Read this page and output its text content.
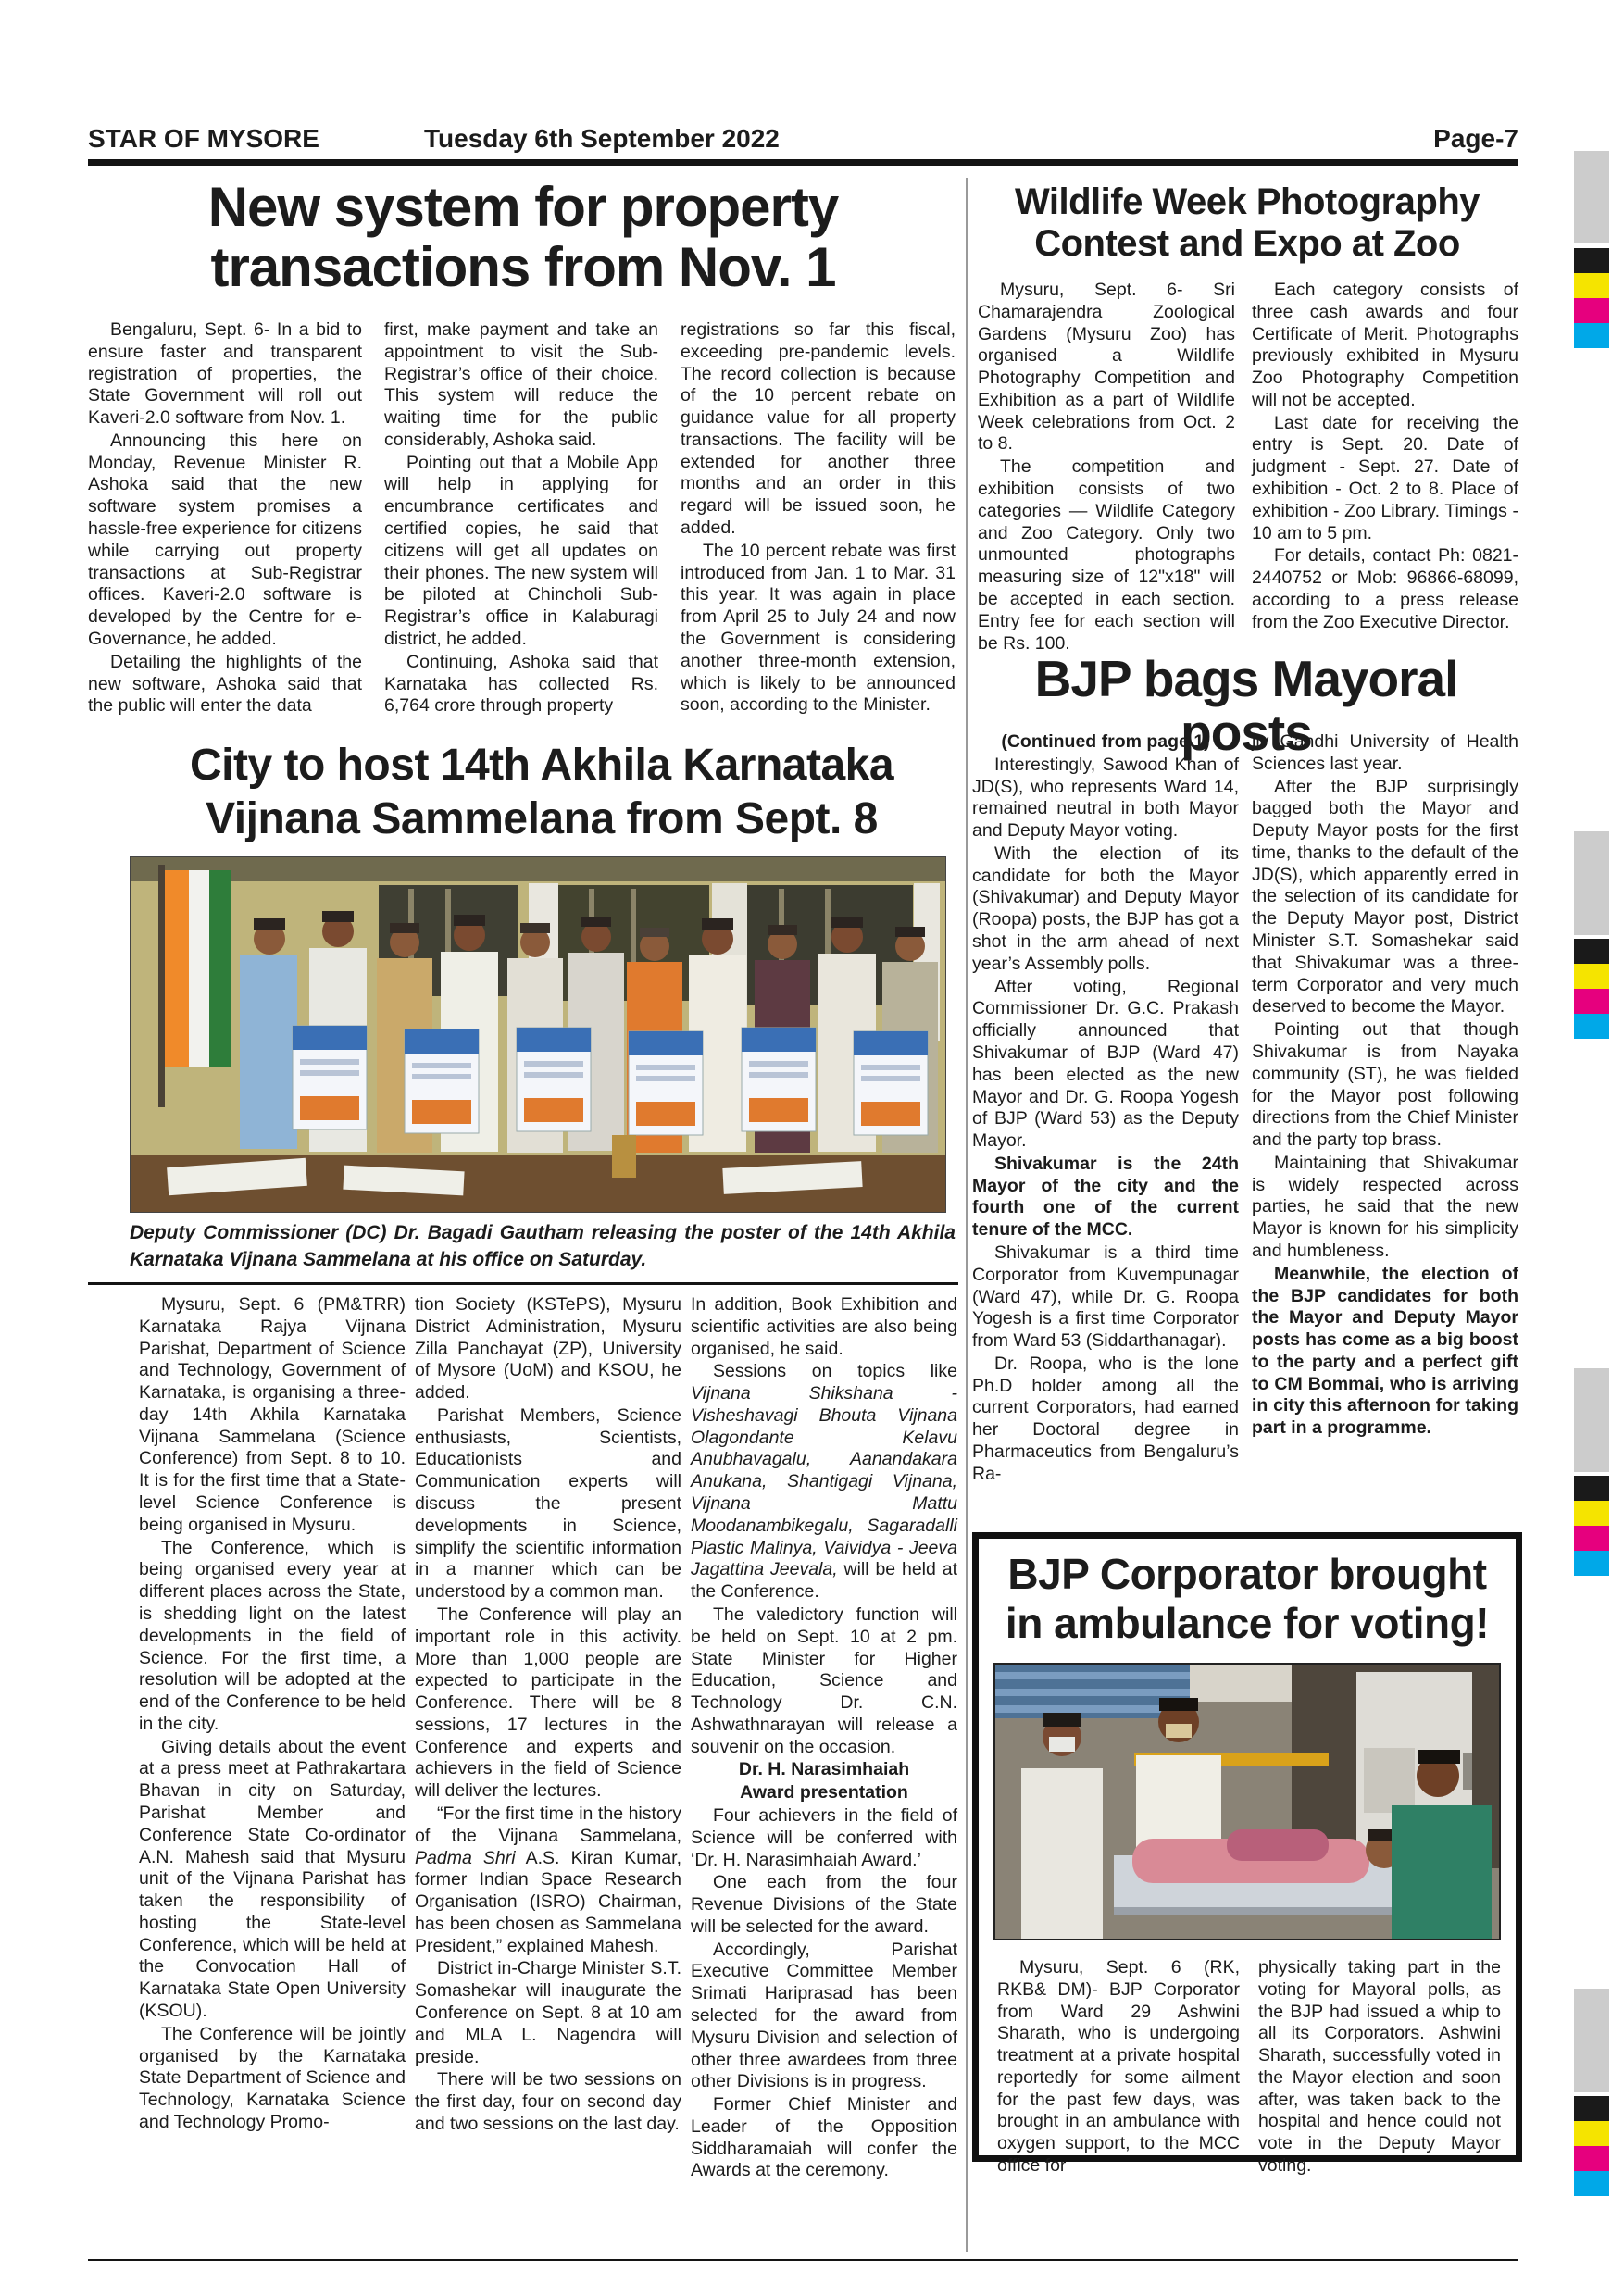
STAR OF MYSORE	Tuesday 6th September 2022	Page-7
New system for property
transactions from Nov. 1

Bengaluru, Sept. 6- In a bid to ensure faster and transparent registration of properties, the State Government will roll out Kaveri-2.0 software from Nov. 1.

Announcing this here on Monday, Revenue Minister R. Ashoka said that the new software system promises a hassle-free experience for citizens while carrying out property transactions at Sub-Registrar offices. Kaveri-2.0 software is developed by the Centre for e-Governance, he added.

Detailing the highlights of the new software, Ashoka said that the public will enter the data

first, make payment and take an appointment to visit the Sub-Registrar’s office of their choice. This system will reduce the waiting time for the public considerably, Ashoka said.

Pointing out that a Mobile App will help in applying for encumbrance certificates and certified copies, he said that citizens will get all updates on their phones. The new system will be piloted at Chincholi Sub-Registrar’s office in Kalaburagi district, he added.

Continuing, Ashoka said that Karnataka has collected Rs. 6,764 crore through property

registrations so far this fiscal, exceeding pre-pandemic levels. The record collection is because of the 10 percent rebate on guidance value for all property transactions. The facility will be extended for another three months and an order in this regard will be issued soon, he added.

The 10 percent rebate was first introduced from Jan. 1 to Mar. 31 this year. It was again in place from April 25 to July 24 and now the Government is considering another three-month extension, which is likely to be announced soon, according to the Minister.

City to host 14th Akhila Karnataka
Vijnana Sammelana from Sept. 8
Deputy Commissioner (DC) Dr. Bagadi Gautham releasing the poster of the 14th Akhila Karnataka Vijnana Sammelana at his office on Saturday.

Mysuru, Sept. 6 (PM&TRR) Karnataka Rajya Vijnana Parishat, Department of Science and Technology, Government of Karnataka, is organising a three-day 14th Akhila Karnataka Vijnana Sammelana (Science Conference) from Sept. 8 to 10. It is for the first time that a State-level Science Conference is being organised in Mysuru.

The Conference, which is being organised every year at different places across the State, is shedding light on the latest developments in the field of Science. For the first time, a resolution will be adopted at the end of the Conference to be held in the city.

Giving details about the event at a press meet at Pathrakartara Bhavan in city on Saturday, Parishat Member and Conference State Co-ordinator A.N. Mahesh said that Mysuru unit of the Vijnana Parishat has taken the responsibility of hosting the State-level Conference, which will be held at the Convocation Hall of Karnataka State Open University (KSOU).

The Conference will be jointly organised by the Karnataka State Department of Science and Technology, Karnataka Science and Technology Promo-

tion Society (KSTePS), Mysuru District Administration, Mysuru Zilla Panchayat (ZP), University of Mysore (UoM) and KSOU, he added.

Parishat Members, Science enthusiasts, Scientists, Educationists and Communication experts will discuss the present developments in Science, simplify the scientific information in a manner which can be understood by a common man.

The Conference will play an important role in this activity. More than 1,000 people are expected to participate in the Conference. There will be 8 sessions, 17 lectures in the Conference and experts and achievers in the field of Science will deliver the lectures.

“For the first time in the history of the Vijnana Sammelana, Padma Shri A.S. Kiran Kumar, former Indian Space Research Organisation (ISRO) Chairman, has been chosen as Sammelana President,” explained Mahesh.

District in-Charge Minister S.T. Somashekar will inaugurate the Conference on Sept. 8 at 10 am and MLA L. Nagendra will preside.

There will be two sessions on the first day, four on second day and two sessions on the last day.

In addition, Book Exhibition and scientific activities are also being organised, he said.

Sessions on topics like Vijnana Shikshana - Visheshavagi Bhouta Vijnana Olagondante Kelavu Anubhavagalu, Aanandakara Anukana, Shantigagi Vijnana, Vijnana Mattu Moodanambikegalu, Sagaradalli Plastic Malinya, Vaividya - Jeeva Jagattina Jeevala, will be held at the Conference.

The valedictory function will be held on Sept. 10 at 2 pm. State Minister for Higher Education, Science and Technology Dr. C.N. Ashwathnarayan will release a souvenir on the occasion.

Dr. H. Narasimhaiah

Award presentation

Four achievers in the field of Science will be conferred with ‘Dr. H. Narasimhaiah Award.’

One each from the four Revenue Divisions of the State will be selected for the award.

Accordingly, Parishat Executive Committee Member Srimati Hariprasad has been selected for the award from Mysuru Division and selection of other three awardees from three other Divisions is in progress.

Former Chief Minister and Leader of the Opposition Siddharamaiah will confer the Awards at the ceremony.

Wildlife Week Photography
Contest and Expo at Zoo

Mysuru, Sept. 6- Sri Chamarajendra Zoological Gardens (Mysuru Zoo) has organised a Wildlife Photography Competition and Exhibition as a part of Wildlife Week celebrations from Oct. 2 to 8.

The competition and exhibition consists of two categories — Wildlife Category and Zoo Category. Only two unmounted photographs measuring size of 12"x18" will be accepted in each section. Entry fee for each section will be Rs. 100.

Each category consists of three cash awards and four Certificate of Merit. Photographs previously exhibited in Mysuru Zoo Photography Competition will not be accepted.

Last date for receiving the entry is Sept. 20. Date of judgment - Sept. 27. Date of exhibition - Oct. 2 to 8. Place of exhibition - Zoo Library. Timings - 10 am to 5 pm.

For details, contact Ph: 0821-2440752 or Mob: 96866-68099, according to a press release from the Zoo Executive Director.

BJP bags Mayoral posts

(Continued from page 1)

Interestingly, Sawood Khan of JD(S), who represents Ward 14, remained neutral in both Mayor and Deputy Mayor voting.

With the election of its candidate for both the Mayor (Shivakumar) and Deputy Mayor (Roopa) posts, the BJP has got a shot in the arm ahead of next year’s Assembly polls.

After voting, Regional Commissioner Dr. G.C. Prakash officially announced that Shivakumar of BJP (Ward 47) has been elected as the new Mayor and Dr. G. Roopa Yogesh of BJP (Ward 53) as the Deputy Mayor.

Shivakumar is the 24th Mayor of the city and the fourth one of the current tenure of the MCC.

Shivakumar is a third time Corporator from Kuvempunagar (Ward 47), while Dr. G. Roopa Yogesh is a first time Corporator from Ward 53 (Siddarthanagar).

Dr. Roopa, who is the lone Ph.D holder among all the current Corporators, had earned her Doctoral degree in Pharmaceutics from Bengaluru’s Ra-

jiv Gandhi University of Health Sciences last year.

After the BJP surprisingly bagged both the Mayor and Deputy Mayor posts for the first time, thanks to the default of the JD(S), which apparently erred in the selection of its candidate for the Deputy Mayor post, District Minister S.T. Somashekar said that Shivakumar was a three-term Corporator and very much deserved to become the Mayor.

Pointing out that though Shivakumar is from Nayaka community (ST), he was fielded for the Mayor post following directions from the Chief Minister and the party top brass.

Maintaining that Shivakumar is widely respected across parties, he said that the new Mayor is known for his simplicity and humbleness.

Meanwhile, the election of the BJP candidates for both the Mayor and Deputy Mayor posts has come as a big boost to the party and a perfect gift to CM Bommai, who is arriving in city this afternoon for taking part in a programme.

BJP Corporator brought
in ambulance for voting!

Mysuru, Sept. 6 (RK, RKB& DM)- BJP Corporator from Ward 29 Ashwini Sharath, who is undergoing treatment at a private hospital reportedly for some ailment for the past few days, was brought in an ambulance with oxygen support, to the MCC office for

physically taking part in the voting for Mayoral polls, as the BJP had issued a whip to all its Corporators. Ashwini Sharath, successfully voted in the Mayor election and soon after, was taken back to the hospital and hence could not vote in the Deputy Mayor voting.
